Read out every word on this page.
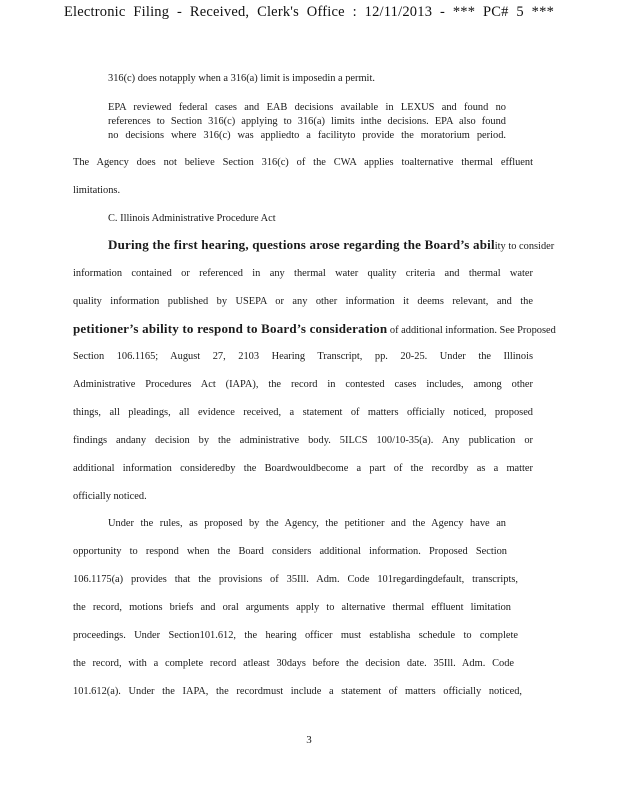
Electronic Filing - Received, Clerk's Office : 12/11/2013 - *** PC# 5 ***
316(c) does notapply when a 316(a) limit is imposedin a permit.
EPA reviewed federal cases and EAB decisions available in LEXUS and found no
references to Section 316(c) applying to 316(a) limits inthe decisions. EPA also found
no decisions where 316(c) was appliedto a facilityto provide the moratorium period.
The Agency does not believe Section 316(c) of the CWA applies toalternative thermal effluent
limitations.
C. Illinois Administrative Procedure Act
During the first hearing, questions arose regarding the Board’s ability to consider
information contained or referenced in any thermal water quality criteria and thermal water
quality information published by USEPA or any other information it deems relevant, and the
petitioner’s ability to respond to Board’s consideration of additional information. See Proposed
Section 106.1165; August 27, 2103 Hearing Transcript, pp. 20-25. Under the Illinois
Administrative Procedures Act (IAPA), the record in contested cases includes, among other
things, all pleadings, all evidence received, a statement of matters officially noticed, proposed
findings andany decision by the administrative body. 5ILCS 100/10-35(a). Any publication or
additional information consideredby the Boardwouldbecome a part of the recordby as a matter
officially noticed.
Under the rules, as proposed by the Agency, the petitioner and the Agency have an
opportunity to respond when the Board considers additional information. Proposed Section
106.1175(a) provides that the provisions of 35Ill. Adm. Code 101regardingdefault, transcripts,
the record, motions briefs and oral arguments apply to alternative thermal effluent limitation
proceedings. Under Section101.612, the hearing officer must establisha schedule to complete
the record, with a complete record atleast 30days before the decision date. 35Ill. Adm. Code
101.612(a). Under the IAPA, the recordmust include a statement of matters officially noticed,
3
